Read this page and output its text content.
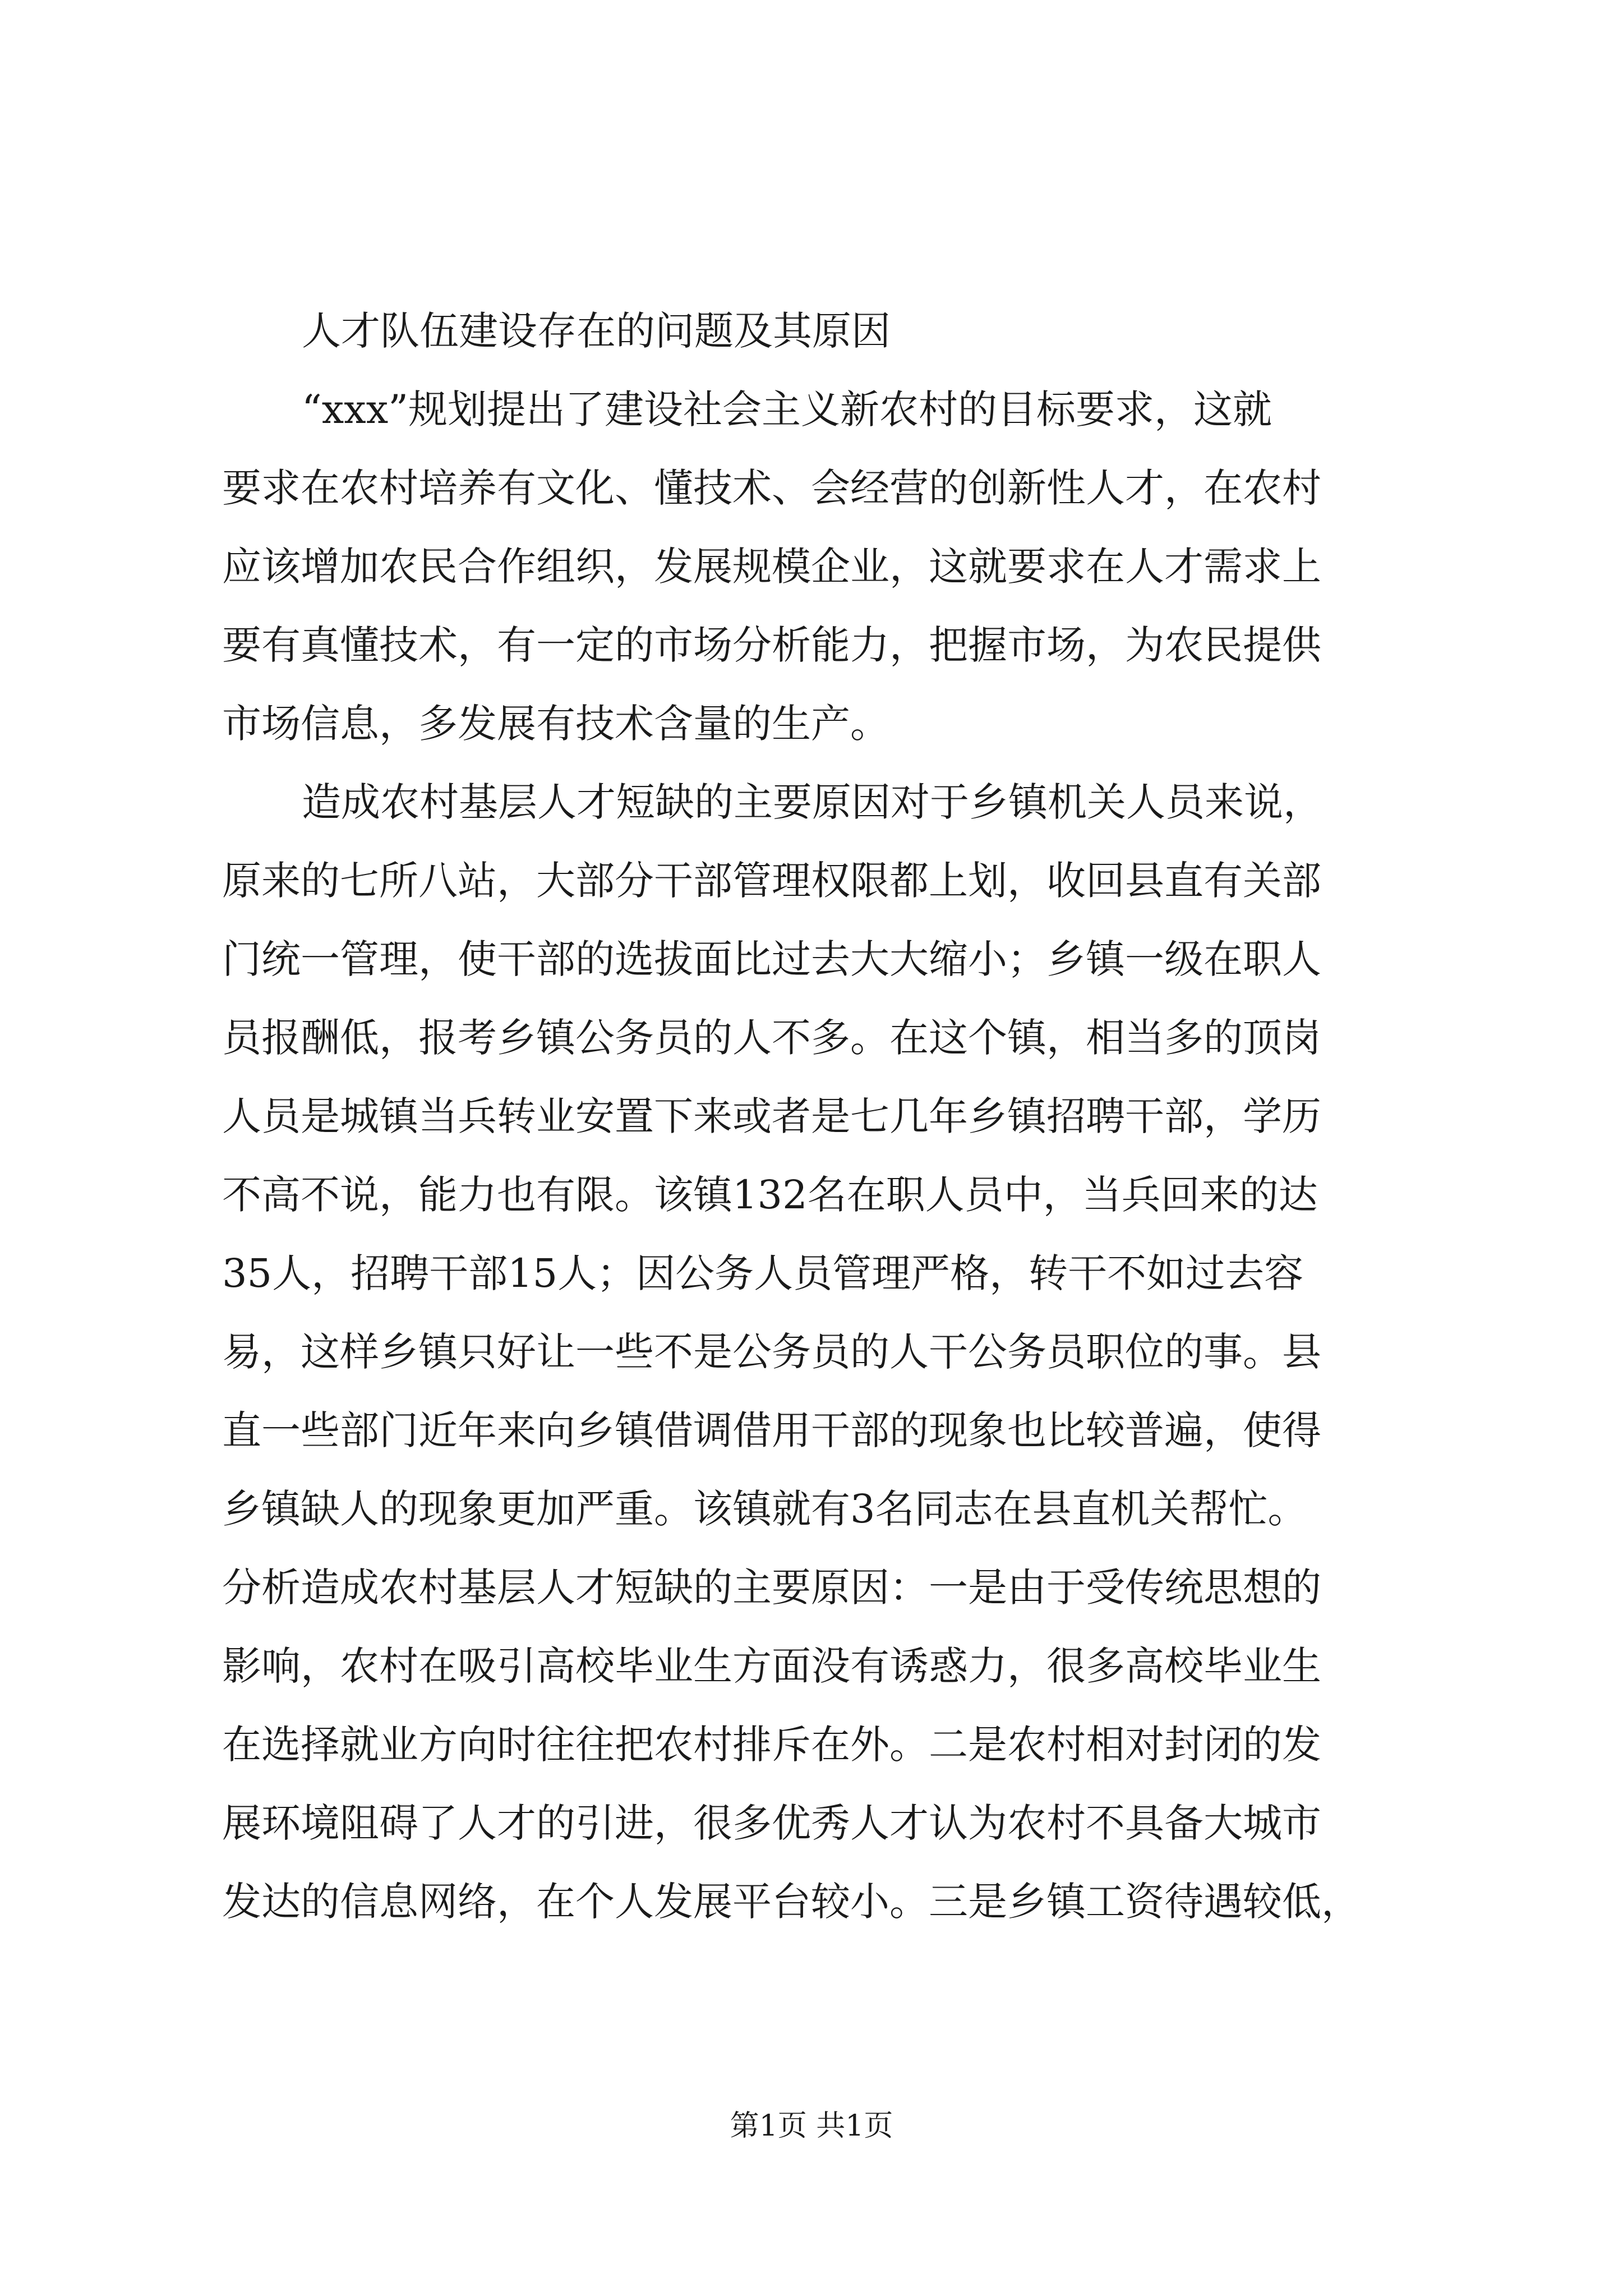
人才队伍建设存在的问题及其原因
“xxx”规划提出了建设社会主义新农村的目标要求，这就
要求在农村培养有文化、懂技术、会经营的创新性人才，在农村
应该增加农民合作组织，发展规模企业，这就要求在人才需求上
要有真懂技术，有一定的市场分析能力，把握市场，为农民提供
市场信息，多发展有技术含量的生产。
造成农村基层人才短缺的主要原因对于乡镇机关人员来说，
原来的七所八站，大部分干部管理权限都上划，收回县直有关部
门统一管理，使干部的选拔面比过去大大缩小；乡镇一级在职人
员报酬低，报考乡镇公务员的人不多。在这个镇，相当多的顶岗
人员是城镇当兵转业安置下来或者是七几年乡镇招聘干部，学历
不高不说，能力也有限。该镇132名在职人员中，当兵回来的达
35人，招聘干部15人；因公务人员管理严格，转干不如过去容
易，这样乡镇只好让一些不是公务员的人干公务员职位的事。县
直一些部门近年来向乡镇借调借用干部的现象也比较普遍，使得
乡镇缺人的现象更加严重。该镇就有3名同志在县直机关帮忙。
分析造成农村基层人才短缺的主要原因：一是由于受传统思想的
影响，农村在吸引高校毕业生方面没有诱惑力，很多高校毕业生
在选择就业方向时往往把农村排斥在外。二是农村相对封闭的发
展环境阻碍了人才的引进，很多优秀人才认为农村不具备大城市
发达的信息网络，在个人发展平台较小。三是乡镇工资待遇较低，
第1页 共1页
